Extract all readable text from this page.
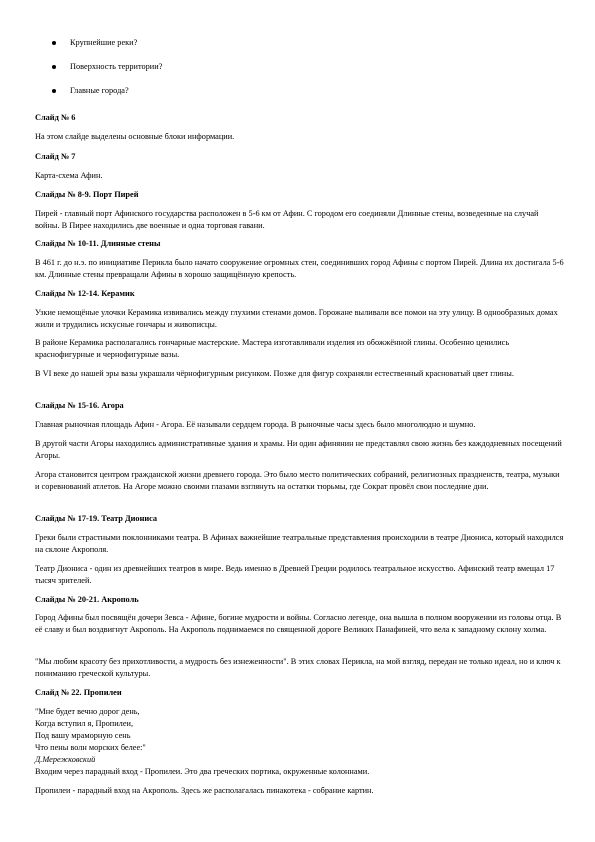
Крупнейшие реки?
Поверхность территории?
Главные города?
Слайд № 6
На этом слайде выделены основные блоки информации.
Слайд № 7
Карта-схема Афин.
Слайды № 8-9. Порт Пирей
Пирей - главный порт Афинского государства расположен в 5-6 км от Афин. С городом его соединяли Длинные стены, возведенные на случай войны. В Пирее находились две военные и одна торговая гавани.
Слайды № 10-11. Длинные стены
В 461 г. до н.э. по инициативе Перикла было начато сооружение огромных стен, соединивших город Афины с портом Пирей. Длина их достигала 5-6 км. Длинные стены превращали Афины в хорошо защищённую крепость.
Слайды № 12-14. Керамик
Узкие немощёные улочки Керамика извивались между глухими стенами домов. Горожане выливали все помои на эту улицу. В однообразных домах жили и трудились искусные гончары и живописцы.
В районе Керамика располагались гончарные мастерские. Мастера изготавливали изделия из обожжённой глины. Особенно ценились краснофигурные и чернофигурные вазы.
В VI веке до нашей эры вазы украшали чёрнофигурным рисунком. Позже для фигур сохраняли естественный красноватый цвет глины.
Слайды № 15-16. Агора
Главная рыночная площадь Афин - Агора. Её называли сердцем города. В рыночные часы здесь было многолюдно и шумно.
В другой части Агоры находились административные здания и храмы. Ни один афинянин не представлял свою жизнь без каждодневных посещений Агоры.
Агора становится центром гражданской жизни древнего города. Это было место политических собраний, религиозных праздненств, театра, музыки и соревнований атлетов. На Агоре можно своими глазами взглянуть на остатки тюрьмы, где Сократ провёл свои последние дни.
Слайды № 17-19. Театр Диониса
Греки были страстными поклонниками театра. В Афинах важнейшие театральные представления происходили в театре Диониса, который находился на склоне Акрополя.
Театр Диониса - один из древнейших театров в мире. Ведь именно в Древней Греции родилось театральное искусство. Афинский театр вмещал 17 тысяч зрителей.
Слайды № 20-21. Акрополь
Город Афины был посвящён дочери Зевса - Афине, богине мудрости и войны. Согласно легенде, она вышла в полном вооружении из головы отца. В её славу и был воздвигнут Акрополь. На Акрополь поднимаемся по священной дороге Великих Панафиней, что вела к западному склону холма.
"Мы любим красоту без прихотливости, а мудрость без изнеженности". В этих словах Перикла, на мой взгляд, передан не только идеал, но и ключ к пониманию греческой культуры.
Слайд № 22. Пропилеи
"Мне будет вечно дорог день,
Когда вступил я, Пропилеи,
Под вашу мраморную сень
Что пены волн морских белее:"
Д.Мережковский
Входим через парадный вход - Пропилеи. Это два греческих портика, окруженные колоннами.
Пропилеи - парадный вход на Акрополь. Здесь же располагалась пинакотека - собрание картин.
